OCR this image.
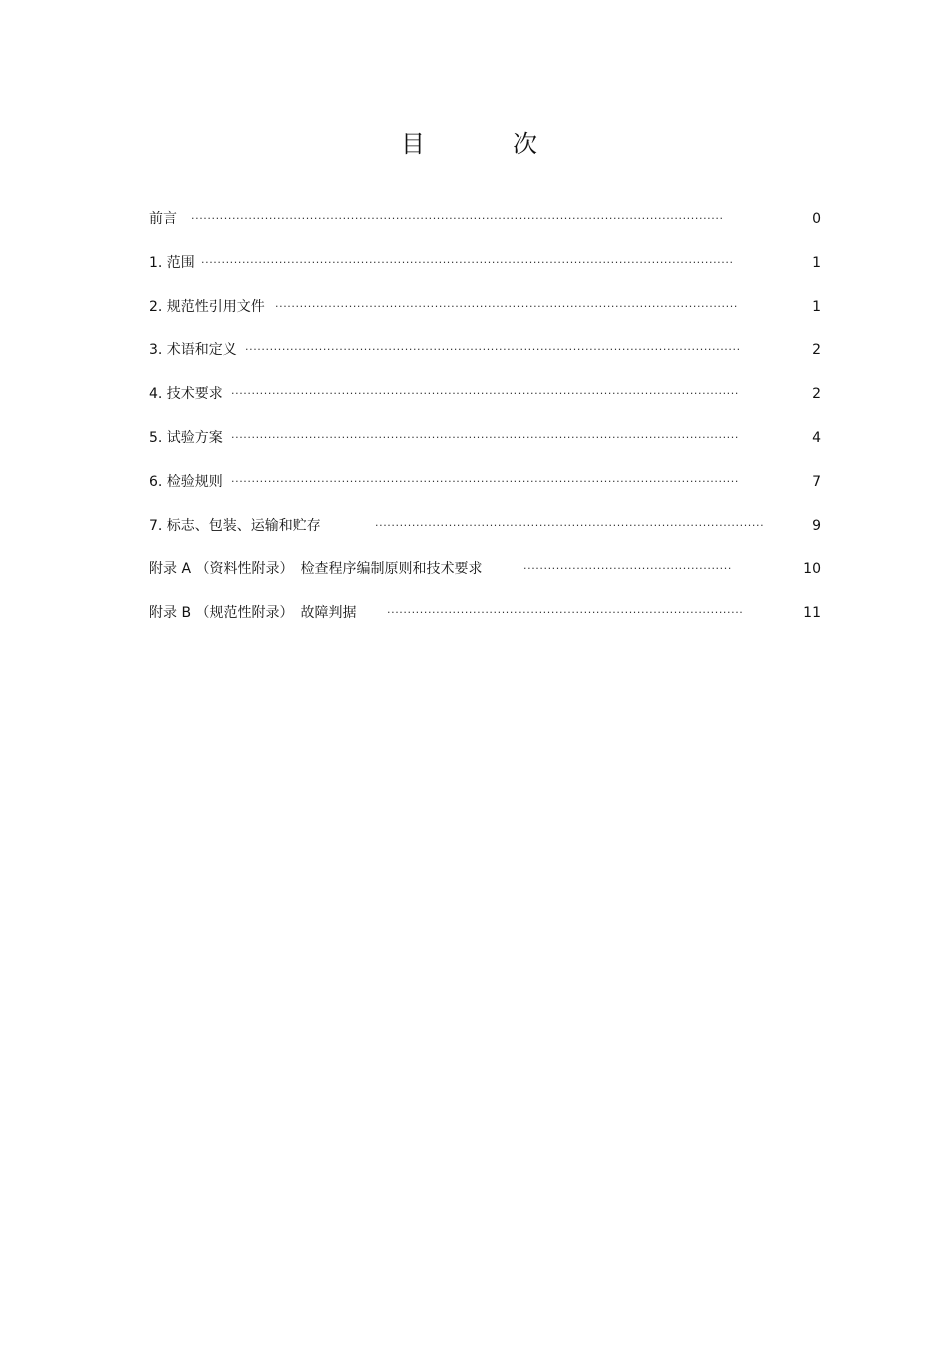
目　次
·····
前言	0
·····
1. 范围	1
·····
2. 规范性引用文件	1
·····
3. 术语和定义	2
·····
4. 技术要求	2
·····
5. 试验方案	4
·····
6. 检验规则	7
·····
7. 标志、包装、运输和贮存	9
·····
附录 A （资料性附录）　检查程序编制原则和技术要求	10
·····
附录 B （规范性附录）　故障判据	11
